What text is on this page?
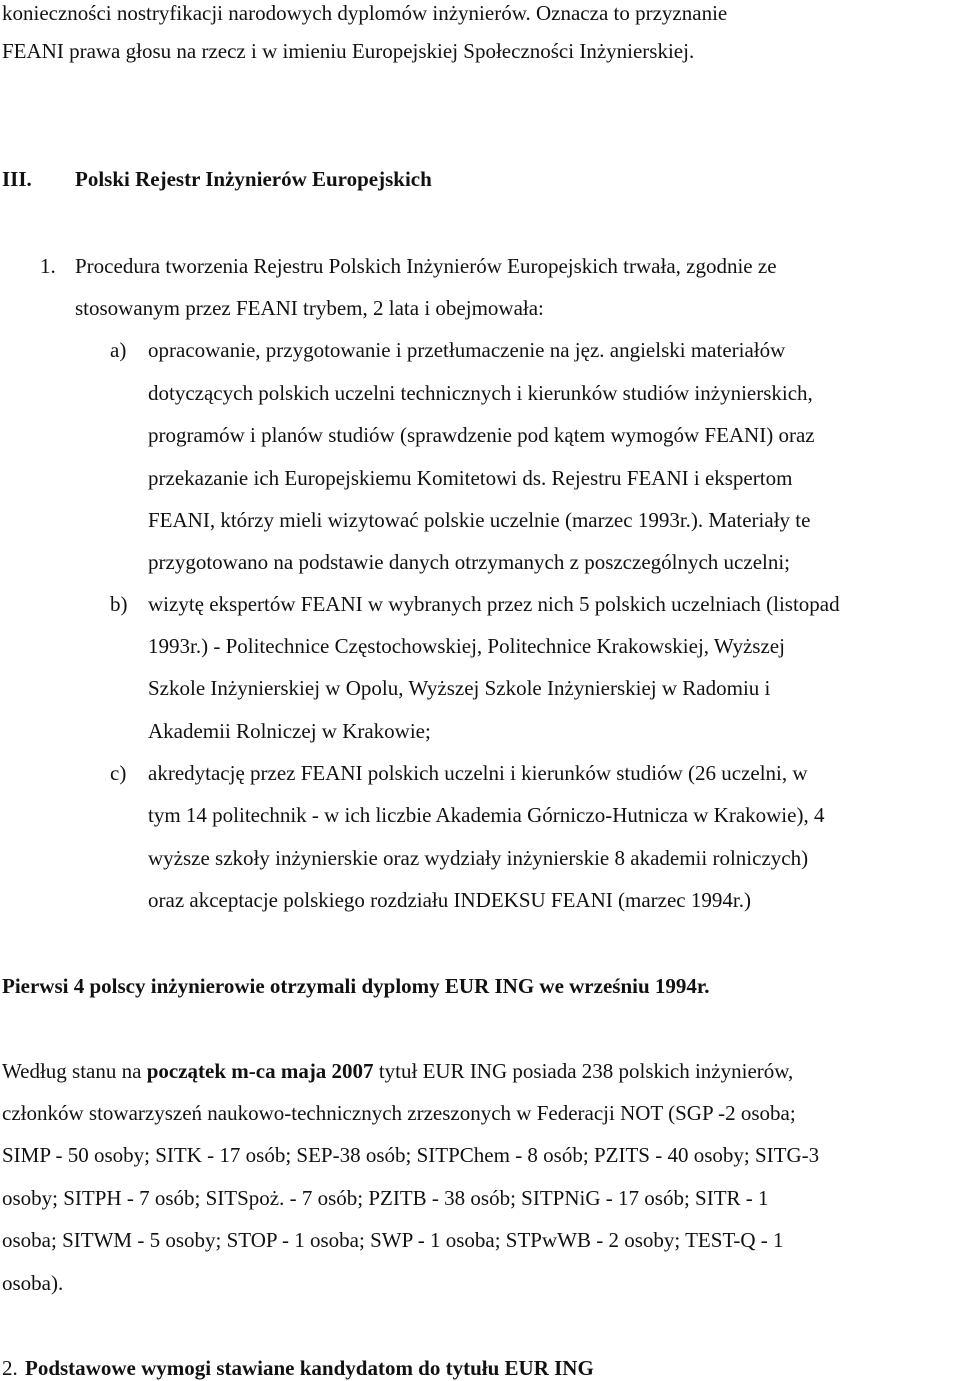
konieczności nostryfikacji narodowych dyplomów inżynierów. Oznacza to przyznanie
FEANI prawa głosu na rzecz i w imieniu Europejskiej Społeczności Inżynierskiej.
III. Polski Rejestr Inżynierów Europejskich
1. Procedura tworzenia Rejestru Polskich Inżynierów Europejskich trwała, zgodnie ze
stosowanym przez FEANI trybem, 2 lata i obejmowała:
a) opracowanie, przygotowanie i przetłumaczenie na jęz. angielski materiałów
dotyczących polskich uczelni technicznych i kierunków studiów inżynierskich,
programów i planów studiów (sprawdzenie pod kątem wymogów FEANI) oraz
przekazanie ich Europejskiemu Komitetowi ds. Rejestru FEANI i ekspertom
FEANI, którzy mieli wizytować polskie uczelnie (marzec 1993r.). Materiały te
przygotowano na podstawie danych otrzymanych z poszczególnych uczelni;
b) wizytę ekspertów FEANI w wybranych przez nich 5 polskich uczelniach (listopad
1993r.) - Politechnice Częstochowskiej, Politechnice Krakowskiej, Wyższej
Szkole Inżynierskiej w Opolu, Wyższej Szkole Inżynierskiej w Radomiu i
Akademii Rolniczej w Krakowie;
c) akredytację przez FEANI polskich uczelni i kierunków studiów (26 uczelni, w
tym 14 politechnik - w ich liczbie Akademia Górniczo-Hutnicza w Krakowie), 4
wyższe szkoły inżynierskie oraz wydziały inżynierskie 8 akademii rolniczych)
oraz akceptacje polskiego rozdziału INDEKSU FEANI (marzec 1994r.)
Pierwsi 4 polscy inżynierowie otrzymali dyplomy EUR ING we wrześniu 1994r.
Według stanu na początek m-ca maja 2007 tytuł EUR ING posiada 238 polskich inżynierów,
członków stowarzyszeń naukowo-technicznych zrzeszonych w Federacji NOT (SGP -2 osoba;
SIMP - 50 osoby; SITK - 17 osób; SEP-38 osób; SITPChem - 8 osób; PZITS - 40 osoby; SITG-3
osoby; SITPH - 7 osób; SITSpoż. - 7 osób; PZITB - 38 osób; SITPNiG - 17 osób; SITR - 1
osoba; SITWM - 5 osoby; STOP - 1 osoba; SWP - 1 osoba; STPwWB - 2 osoby; TEST-Q - 1
osoba).
2. Podstawowe wymogi stawiane kandydatom do tytułu EUR ING
